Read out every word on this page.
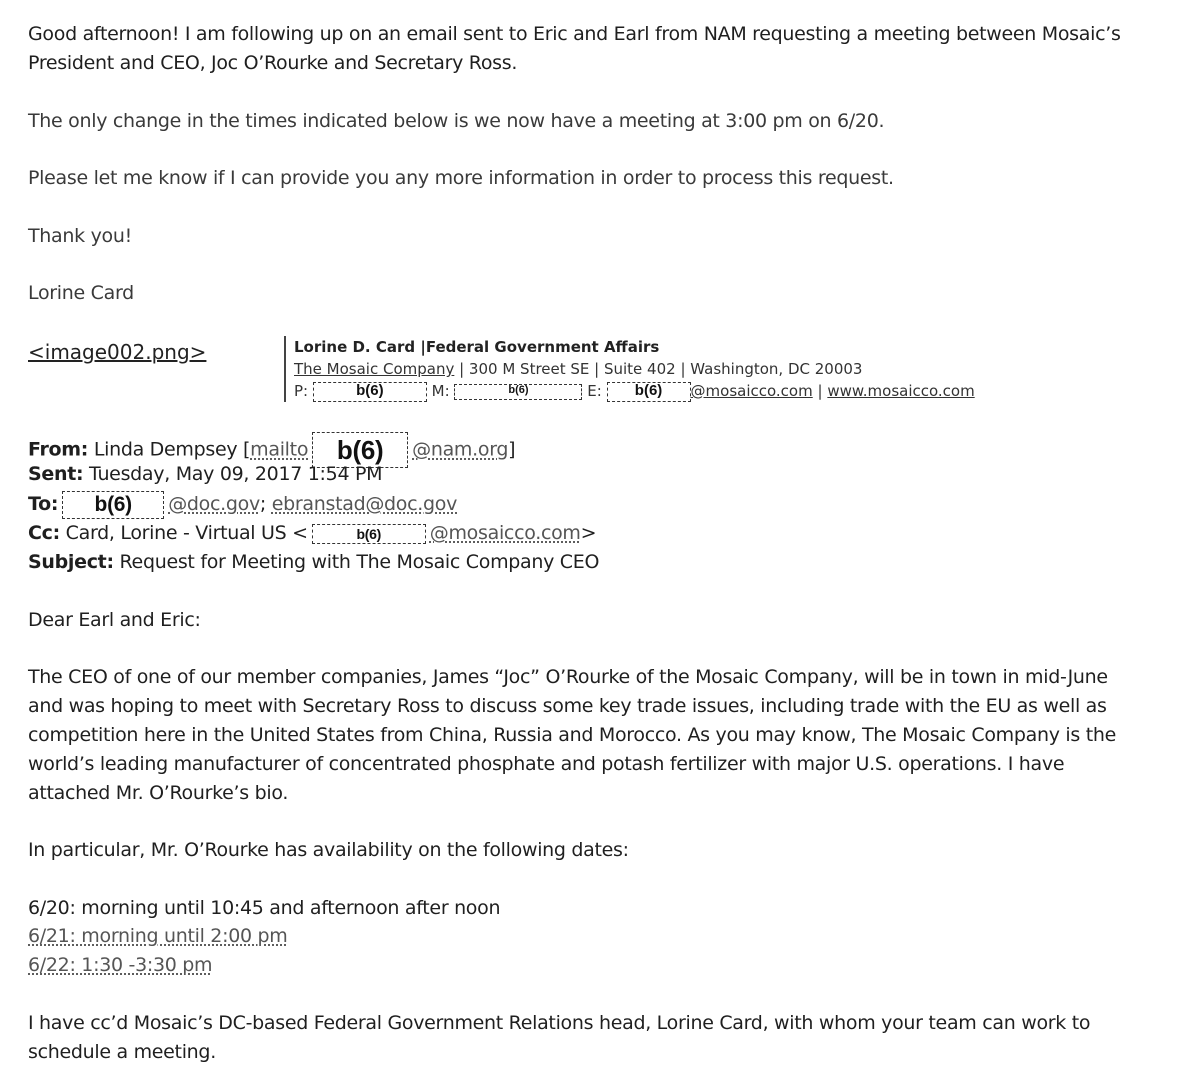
Good afternoon! I am following up on an email sent to Eric and Earl from NAM requesting a meeting between Mosaic’s

President and CEO, Joc O’Rourke and Secretary Ross.

The only change in the times indicated below is we now have a meeting at 3:00 pm on 6/20.

Please let me know if I can provide you any more information in order to process this request.

Thank you!

Lorine Card

<image002.png>	Lorine D. Card |Federal Government Affairs
The Mosaic Company | 300 M Street SE | Suite 402 | Washington, DC 20003
P:	b(6)	M:	b(6)	E: b(6) @mosaicco.com | www.mosaicco.com

From: Linda Dempsey [mailto b(6) @nam.org]

Sent: Tuesday, May 09, 2017 1:54 PM

To: b(6) @doc.gov; ebranstad@doc.gov

Cc: Card, Lorine - Virtual US <	b(6)	@mosaicco.com>

Subject: Request for Meeting with The Mosaic Company CEO

Dear Earl and Eric:

The CEO of one of our member companies, James “Joc” O’Rourke of the Mosaic Company, will be in town in mid-June

and was hoping to meet with Secretary Ross to discuss some key trade issues, including trade with the EU as well as

competition here in the United States from China, Russia and Morocco. As you may know, The Mosaic Company is the

world’s leading manufacturer of concentrated phosphate and potash fertilizer with major U.S. operations. I have

attached Mr. O’Rourke’s bio.

In particular, Mr. O’Rourke has availability on the following dates:

6/20: morning until 10:45 and afternoon after noon

6/21: morning until 2:00 pm

6/22: 1:30 -3:30 pm

I have cc’d Mosaic’s DC-based Federal Government Relations head, Lorine Card, with whom your team can work to

schedule a meeting.
